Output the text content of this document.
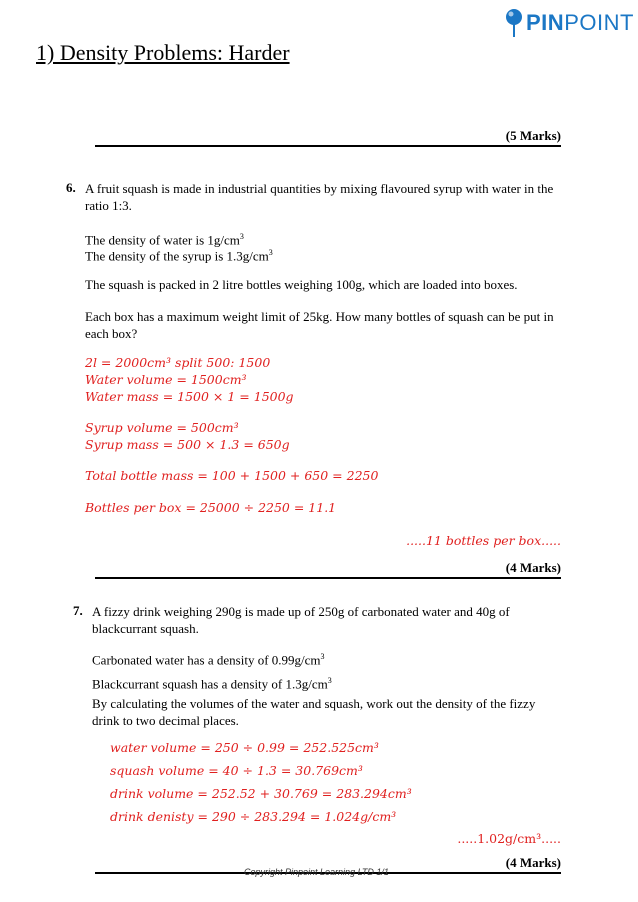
PIN POINT
1) Density Problems: Harder
(5 Marks)
6. A fruit squash is made in industrial quantities by mixing flavoured syrup with water in the
ratio 1:3.
The density of water is $1g/cm^3$
The density of the syrup is $1.3g/cm^3$
The squash is packed in 2 litre bottles weighing 100g, which are loaded into boxes.
Each box has a maximum weight limit of 25kg. How many bottles of squash can be put in
each box?
2l = 2000cm³ split 500: 1500
Water volume = 1500cm³
Water mass = 1500 × 1 = 1500g
Syrup volume = 500cm³
Syrup mass = 500 × 1.3 = 650g
Total bottle mass = 100 + 1500 + 650 = 2250
Bottles per box = 25000 ÷ 2250 = 11.1
.....11 bottles per box.....
(4 Marks)
7. A fizzy drink weighing 290g is made up of 250g of carbonated water and 40g of
blackcurrant squash.
Carbonated water has a density of $0.99g/cm^3$
Blackcurrant squash has a density of $1.3g/cm^3$
By calculating the volumes of the water and squash, work out the density of the fizzy
drink to two decimal places.
water volume = 250 ÷ 0.99 = 252.525cm³
squash volume = 40 ÷ 1.3 = 30.769cm³
drink volume = 252.52 + 30.769 = 283.294cm³
drink denisty = 290 ÷ 283.294 = 1.024g/cm³
.....1.02g/cm³.....
(4 Marks)
Copyright Pinpoint Learning LTD 1/1
